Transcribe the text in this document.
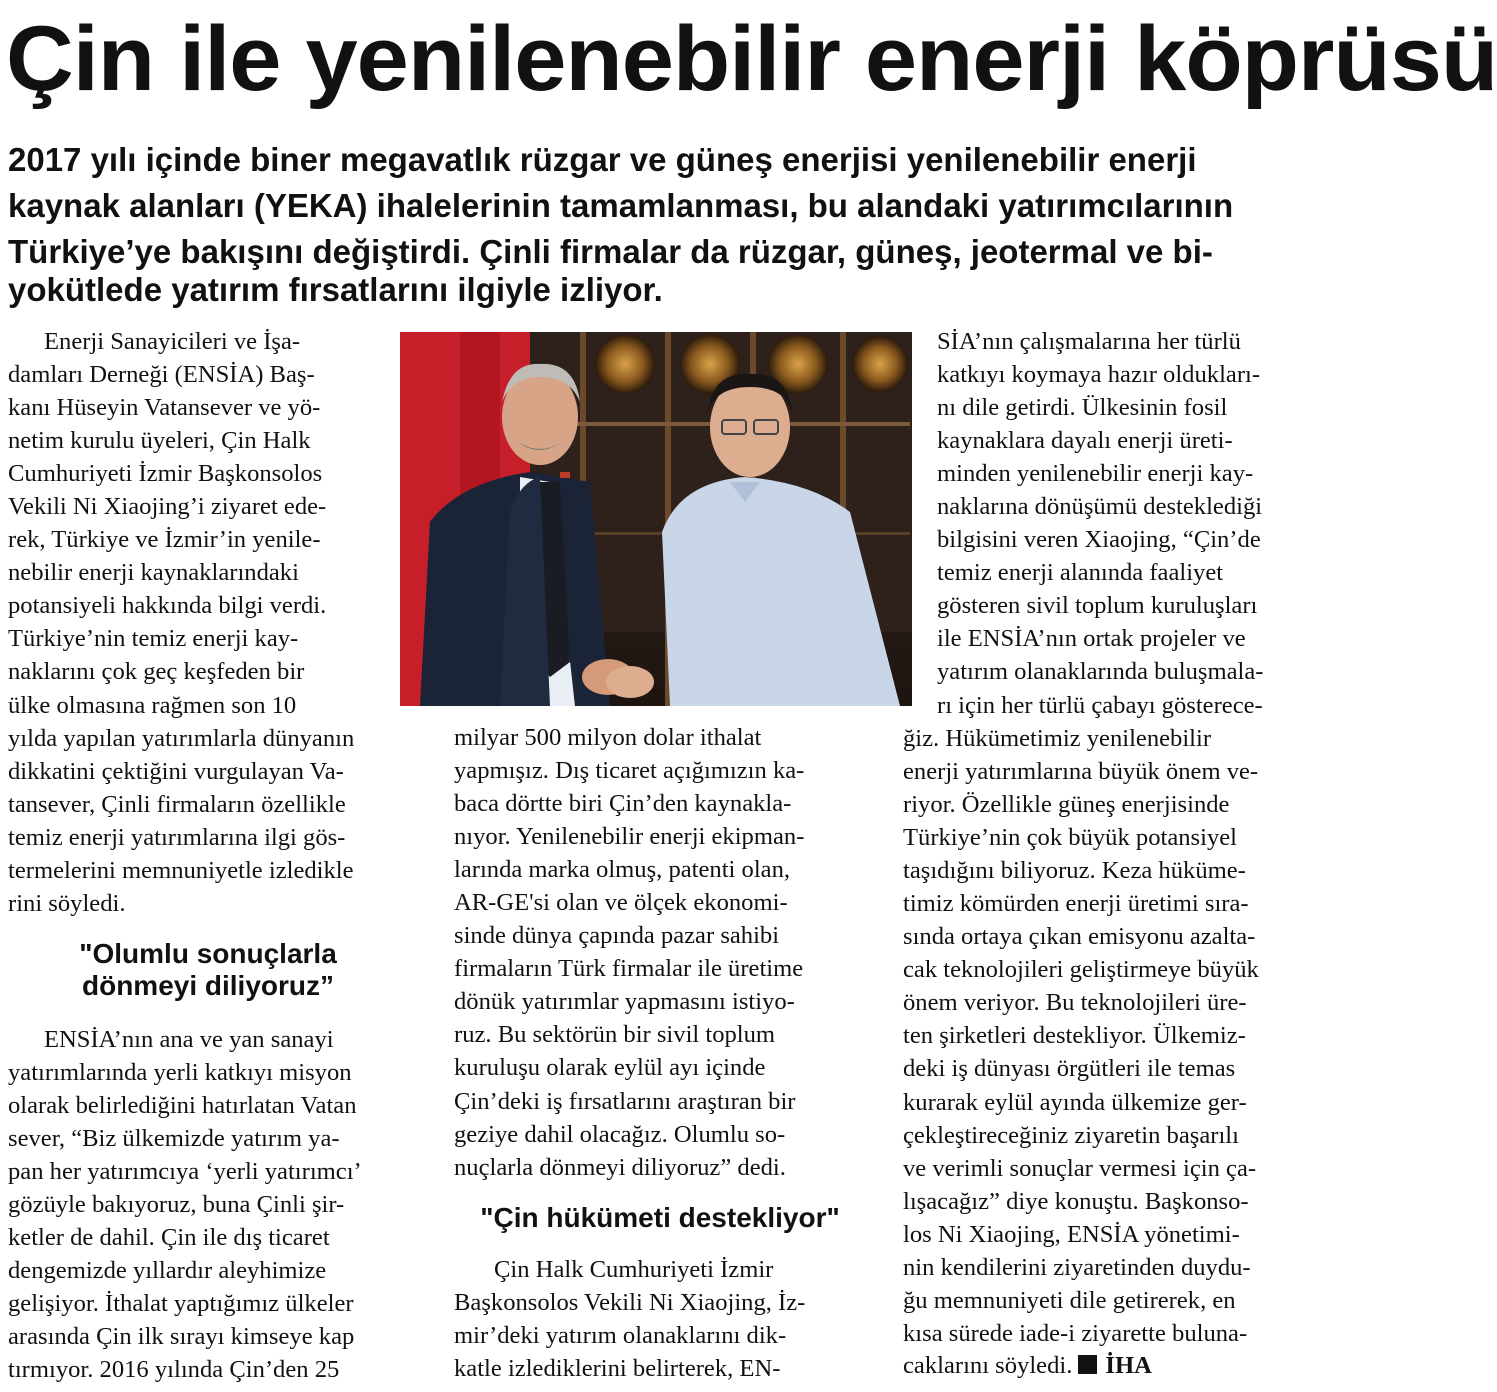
Çin ile yenilenebilir enerji köprüsü
2017 yılı içinde biner megavatlık rüzgar ve güneş enerjisi yenilenebilir enerji
kaynak alanları (YEKA) ihalelerinin tamamlanması, bu alandaki yatırımcılarının
Türkiye’ye bakışını değiştirdi. Çinli firmalar da rüzgar, güneş, jeotermal ve bi-
yokütlede yatırım fırsatlarını ilgiyle izliyor.
Enerji Sanayicileri ve İşa-
damları Derneği (ENSİA) Baş-
kanı Hüseyin Vatansever ve yö-
netim kurulu üyeleri, Çin Halk
Cumhuriyeti İzmir Başkonsolos
Vekili Ni Xiaojing’i ziyaret ede-
rek, Türkiye ve İzmir’in yenile-
nebilir enerji kaynaklarındaki
potansiyeli hakkında bilgi verdi.
Türkiye’nin temiz enerji kay-
naklarını çok geç keşfeden bir
ülke olmasına rağmen son 10
yılda yapılan yatırımlarla dünyanın
dikkatini çektiğini vurgulayan Va-
tansever, Çinli firmaların özellikle
temiz enerji yatırımlarına ilgi gös-
termelerini memnuniyetle izledikle
rini söyledi.
"Olumlu sonuçlarla
dönmeyi diliyoruz”
ENSİA’nın ana ve yan sanayi
yatırımlarında yerli katkıyı misyon
olarak belirlediğini hatırlatan Vatan
sever, “Biz ülkemizde yatırım ya-
pan her yatırımcıya ‘yerli yatırımcı’
gözüyle bakıyoruz, buna Çinli şir-
ketler de dahil. Çin ile dış ticaret
dengemizde yıllardır aleyhimize
gelişiyor. İthalat yaptığımız ülkeler
arasında Çin ilk sırayı kimseye kap
tırmıyor. 2016 yılında Çin’den 25
milyar 500 milyon dolar ithalat
yapmışız. Dış ticaret açığımızın ka-
baca dörtte biri Çin’den kaynakla-
nıyor. Yenilenebilir enerji ekipman-
larında marka olmuş, patenti olan,
AR-GE'si olan ve ölçek ekonomi-
sinde dünya çapında pazar sahibi
firmaların Türk firmalar ile üretime
dönük yatırımlar yapmasını istiyo-
ruz. Bu sektörün bir sivil toplum
kuruluşu olarak eylül ayı içinde
Çin’deki iş fırsatlarını araştıran bir
geziye dahil olacağız. Olumlu so-
nuçlarla dönmeyi diliyoruz” dedi.
"Çin hükümeti destekliyor"
Çin Halk Cumhuriyeti İzmir
Başkonsolos Vekili Ni Xiaojing, İz-
mir’deki yatırım olanaklarını dik-
katle izlediklerini belirterek, EN-
SİA’nın çalışmalarına her türlü
katkıyı koymaya hazır oldukları-
nı dile getirdi. Ülkesinin fosil
kaynaklara dayalı enerji üreti-
minden yenilenebilir enerji kay-
naklarına dönüşümü desteklediği
bilgisini veren Xiaojing, “Çin’de
temiz enerji alanında faaliyet
gösteren sivil toplum kuruluşları
ile ENSİA’nın ortak projeler ve
yatırım olanaklarında buluşmala-
rı için her türlü çabayı gösterece-
ğiz. Hükümetimiz yenilenebilir
enerji yatırımlarına büyük önem ve-
riyor. Özellikle güneş enerjisinde
Türkiye’nin çok büyük potansiyel
taşıdığını biliyoruz. Keza hüküme-
timiz kömürden enerji üretimi sıra-
sında ortaya çıkan emisyonu azalta-
cak teknolojileri geliştirmeye büyük
önem veriyor. Bu teknolojileri üre-
ten şirketleri destekliyor. Ülkemiz-
deki iş dünyası örgütleri ile temas
kurarak eylül ayında ülkemize ger-
çekleştireceğiniz ziyaretin başarılı
ve verimli sonuçlar vermesi için ça-
lışacağız” diye konuştu. Başkonso-
los Ni Xiaojing, ENSİA yönetimi-
nin kendilerini ziyaretinden duydu-
ğu memnuniyeti dile getirerek, en
kısa sürede iade-i ziyarette buluna-
caklarını söyledi. İHA
